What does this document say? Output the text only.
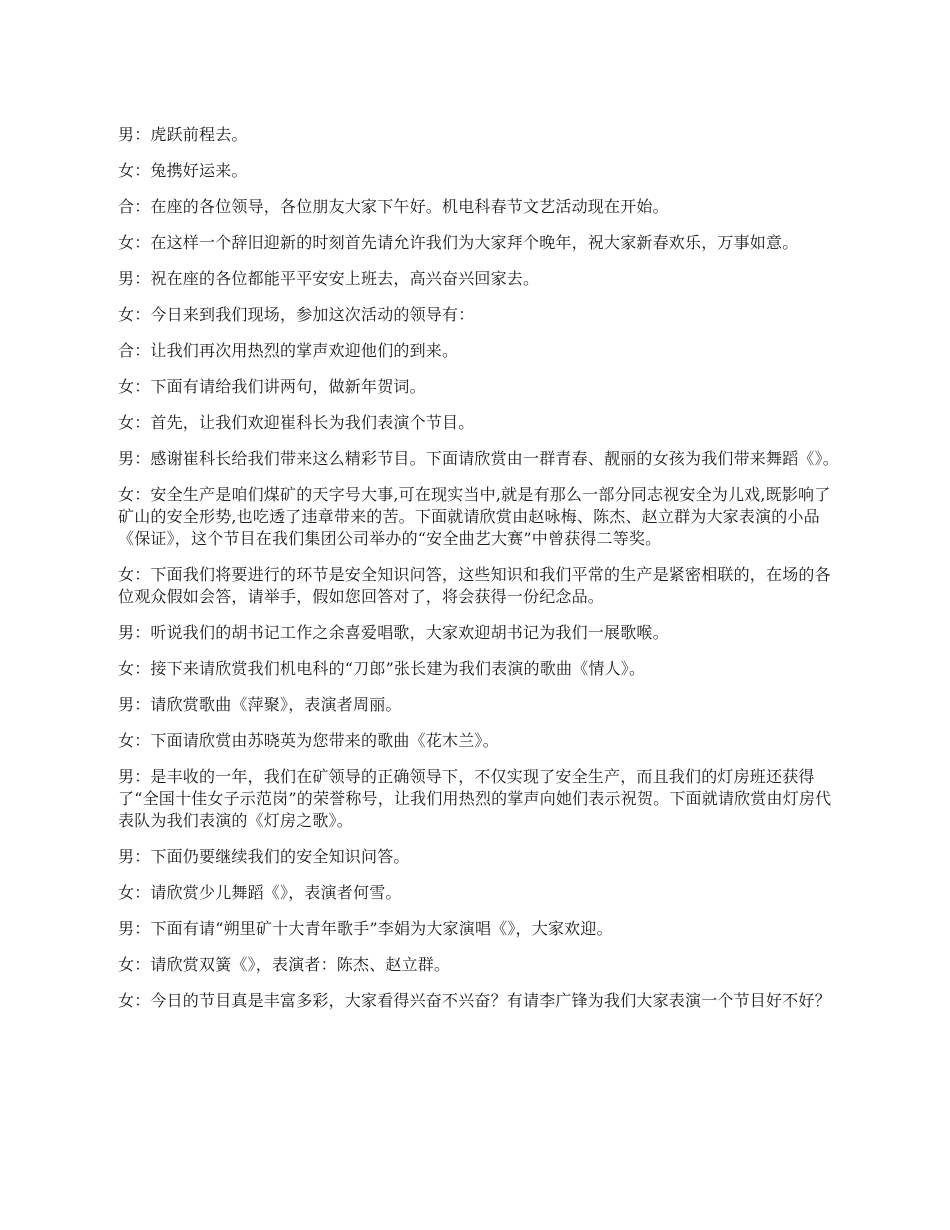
男：虎跃前程去。

女：兔携好运来。

合：在座的各位领导，各位朋友大家下午好。机电科春节文艺活动现在开始。

女：在这样一个辞旧迎新的时刻首先请允许我们为大家拜个晚年，祝大家新春欢乐，万事如意。

男：祝在座的各位都能平平安安上班去，高兴奋兴回家去。

女：今日来到我们现场，参加这次活动的领导有：

合：让我们再次用热烈的掌声欢迎他们的到来。

女：下面有请给我们讲两句，做新年贺词。

女：首先，让我们欢迎崔科长为我们表演个节目。

男：感谢崔科长给我们带来这么精彩节目。下面请欣赏由一群青春、靓丽的女孩为我们带来舞蹈《》。

女：安全生产是咱们煤矿的天字号大事,可在现实当中,就是有那么一部分同志视安全为儿戏,既影响了矿山的安全形势,也吃透了违章带来的苦。下面就请欣赏由赵咏梅、陈杰、赵立群为大家表演的小品《保证》，这个节目在我们集团公司举办的“安全曲艺大赛”中曾获得二等奖。

女：下面我们将要进行的环节是安全知识问答，这些知识和我们平常的生产是紧密相联的，在场的各位观众假如会答，请举手，假如您回答对了，将会获得一份纪念品。

男：听说我们的胡书记工作之余喜爱唱歌，大家欢迎胡书记为我们一展歌喉。

女：接下来请欣赏我们机电科的“刀郎”张长建为我们表演的歌曲《情人》。

男：请欣赏歌曲《萍聚》，表演者周丽。

女：下面请欣赏由苏晓英为您带来的歌曲《花木兰》。

男：是丰收的一年，我们在矿领导的正确领导下，不仅实现了安全生产，而且我们的灯房班还获得了“全国十佳女子示范岗”的荣誉称号，让我们用热烈的掌声向她们表示祝贺。下面就请欣赏由灯房代表队为我们表演的《灯房之歌》。

男：下面仍要继续我们的安全知识问答。

女：请欣赏少儿舞蹈《》，表演者何雪。

男：下面有请“朔里矿十大青年歌手”李娟为大家演唱《》，大家欢迎。

女：请欣赏双簧《》，表演者：陈杰、赵立群。

女：今日的节目真是丰富多彩，大家看得兴奋不兴奋？有请李广锋为我们大家表演一个节目好不好？
